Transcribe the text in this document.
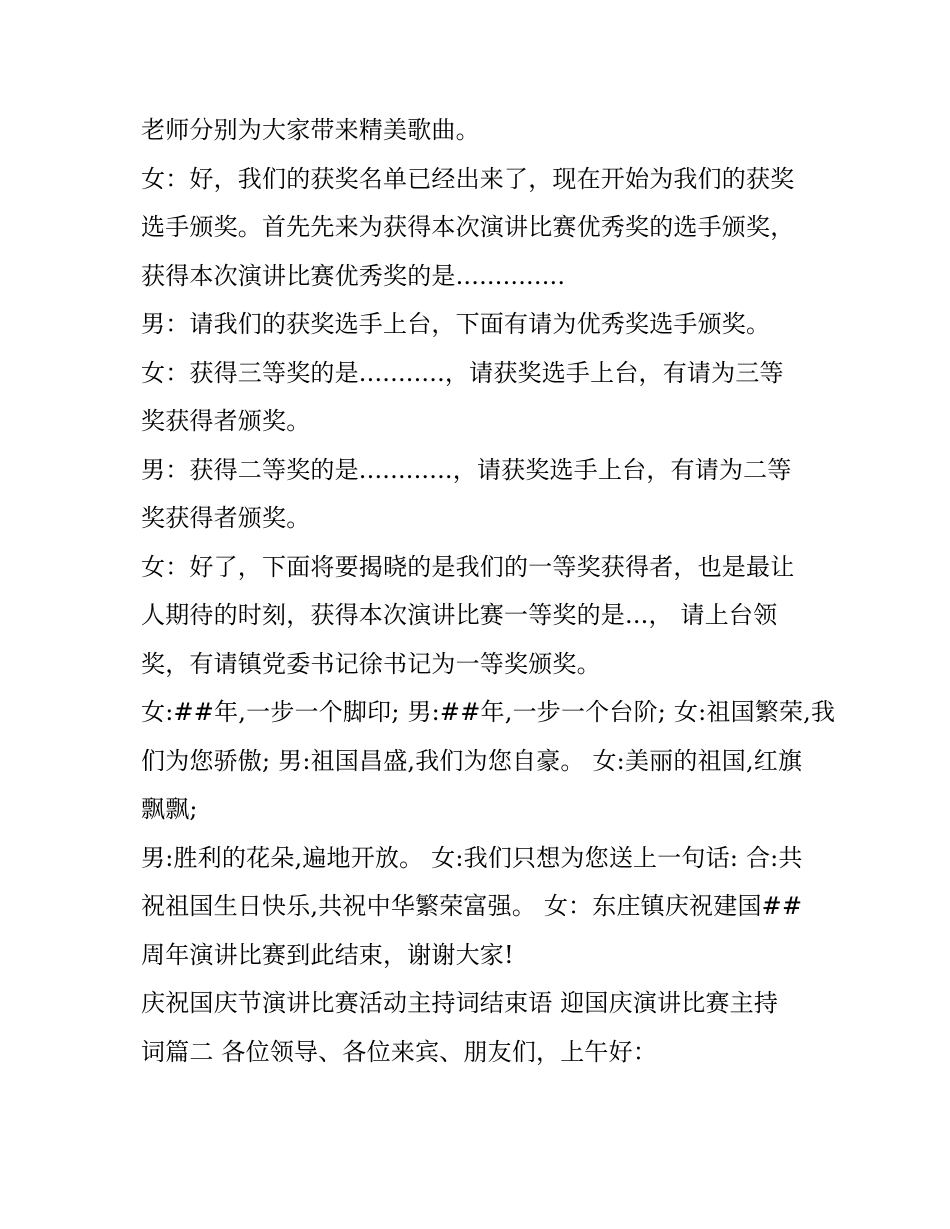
老师分别为大家带来精美歌曲。
女：好，我们的获奖名单已经出来了，现在开始为我们的获奖
选手颁奖。首先先来为获得本次演讲比赛优秀奖的选手颁奖，
获得本次演讲比赛优秀奖的是..............
男：请我们的获奖选手上台，下面有请为优秀奖选手颁奖。
女：获得三等奖的是...........，请获奖选手上台，有请为三等
奖获得者颁奖。
男：获得二等奖的是............，请获奖选手上台，有请为二等
奖获得者颁奖。
女：好了，下面将要揭晓的是我们的一等奖获得者，也是最让
人期待的时刻，获得本次演讲比赛一等奖的是...， 请上台领
奖，有请镇党委书记徐书记为一等奖颁奖。
女:##年,一步一个脚印; 男:##年,一步一个台阶; 女:祖国繁荣,我
们为您骄傲; 男:祖国昌盛,我们为您自豪。 女:美丽的祖国,红旗
飘飘;
男:胜利的花朵,遍地开放。 女:我们只想为您送上一句话: 合:共
祝祖国生日快乐,共祝中华繁荣富强。 女：东庄镇庆祝建国##
周年演讲比赛到此结束，谢谢大家!
庆祝国庆节演讲比赛活动主持词结束语 迎国庆演讲比赛主持
词篇二 各位领导、各位来宾、朋友们，上午好：
